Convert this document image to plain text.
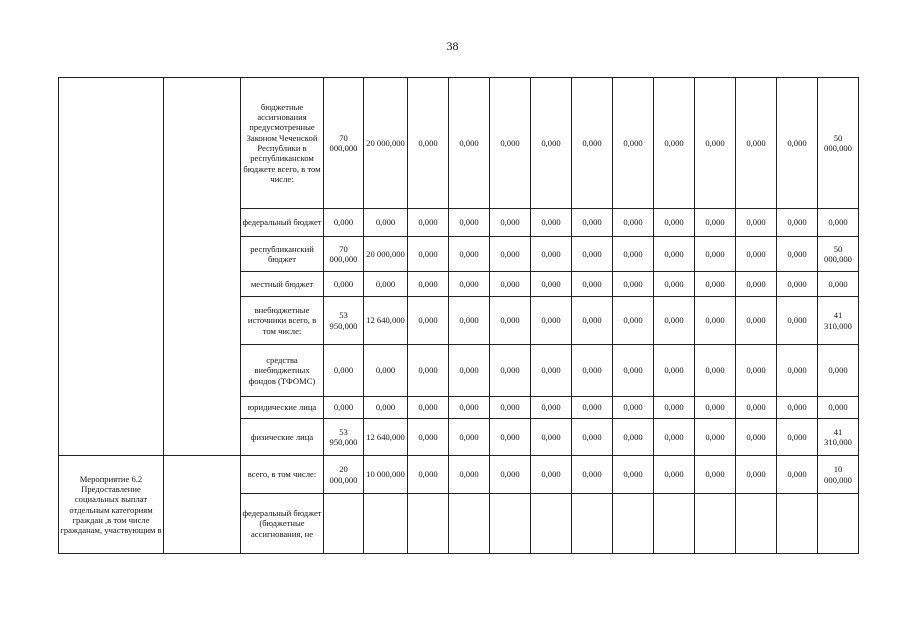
38
		бюджетные ассигнования предусмотренные Законом Чеченской Республики в республиканском бюджете всего, в том числе:	70 000,000	20 000,000	0,000	0,000	0,000	0,000	0,000	0,000	0,000	0,000	0,000	0,000	50 000,000
		федеральный бюджет	0,000	0,000	0,000	0,000	0,000	0,000	0,000	0,000	0,000	0,000	0,000	0,000	0,000
		республиканский бюджет	70 000,000	20 000,000	0,000	0,000	0,000	0,000	0,000	0,000	0,000	0,000	0,000	0,000	50 000,000
		местный бюджет	0,000	0,000	0,000	0,000	0,000	0,000	0,000	0,000	0,000	0,000	0,000	0,000	0,000
		внебюджетные источники всего, в том числе:	53 950,000	12 640,000	0,000	0,000	0,000	0,000	0,000	0,000	0,000	0,000	0,000	0,000	41 310,000
		средства внебюджетных фондов (ТФОМС)	0,000	0,000	0,000	0,000	0,000	0,000	0,000	0,000	0,000	0,000	0,000	0,000	0,000
		юридические лица	0,000	0,000	0,000	0,000	0,000	0,000	0,000	0,000	0,000	0,000	0,000	0,000	0,000
		физические лица	53 950,000	12 640,000	0,000	0,000	0,000	0,000	0,000	0,000	0,000	0,000	0,000	0,000	41 310,000
Мероприятие 6.2 Предоставление социальных выплат отдельным категориям граждан ,в том числе гражданам, участвующим в		всего, в том числе:	20 000,000	10 000,000	0,000	0,000	0,000	0,000	0,000	0,000	0,000	0,000	0,000	0,000	10 000,000
		федеральный бюджет (бюджетные ассигнования, не													
